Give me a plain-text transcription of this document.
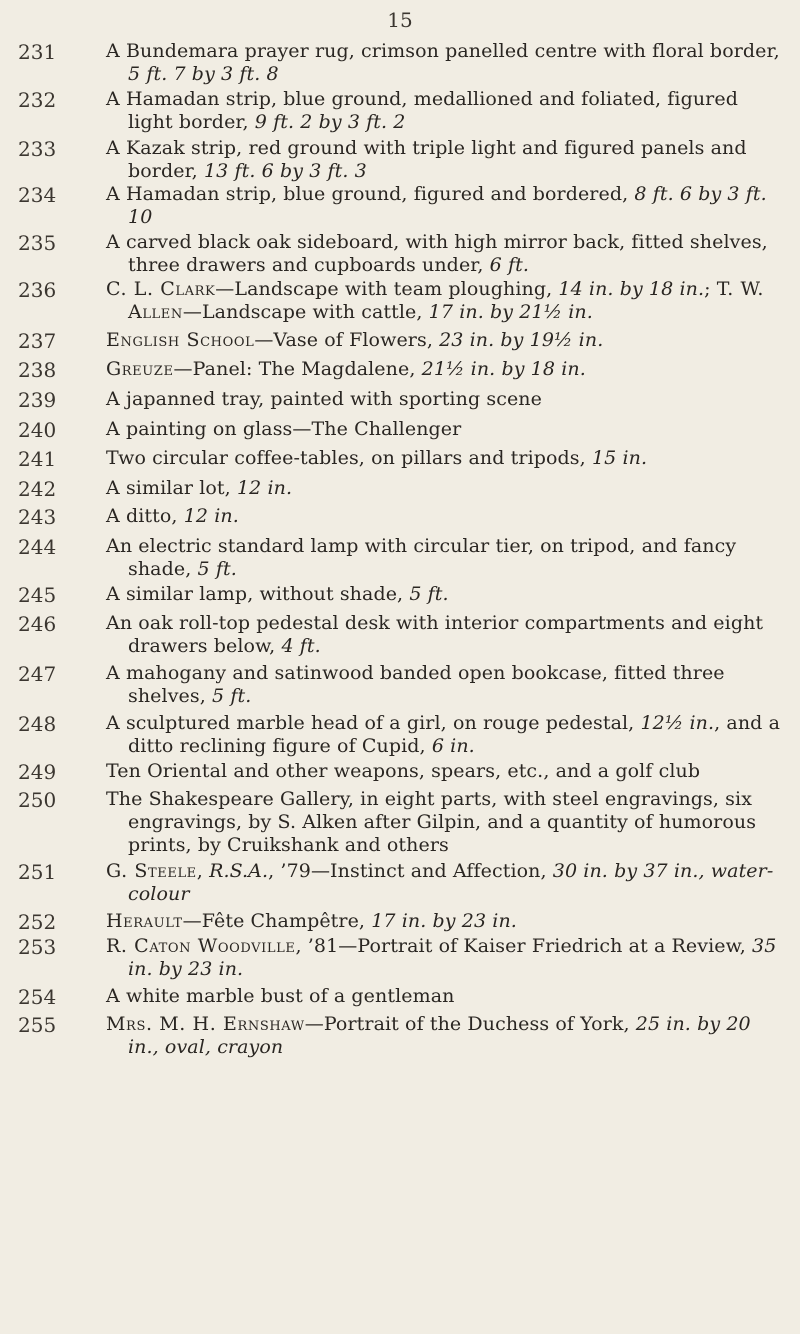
15
231	A Bundemara prayer rug, crimson panelled centre with floral border, 5 ft. 7 by 3 ft. 8
232	A Hamadan strip, blue ground, medallioned and foliated, figured light border, 9 ft. 2 by 3 ft. 2
233	A Kazak strip, red ground with triple light and figured panels and border, 13 ft. 6 by 3 ft. 3
234	A Hamadan strip, blue ground, figured and bordered, 8 ft. 6 by 3 ft. 10
235	A carved black oak sideboard, with high mirror back, fitted shelves, three drawers and cupboards under, 6 ft.
236	C. L. Clark—Landscape with team ploughing, 14 in. by 18 in.; T. W. Allen—Landscape with cattle, 17 in. by 21½ in.
237	English School—Vase of Flowers, 23 in. by 19½ in.
238	Greuze—Panel: The Magdalene, 21½ in. by 18 in.
239	A japanned tray, painted with sporting scene
240	A painting on glass—The Challenger
241	Two circular coffee-tables, on pillars and tripods, 15 in.
242	A similar lot, 12 in.
243	A ditto, 12 in.
244	An electric standard lamp with circular tier, on tripod, and fancy shade, 5 ft.
245	A similar lamp, without shade, 5 ft.
246	An oak roll-top pedestal desk with interior compartments and eight drawers below, 4 ft.
247	A mahogany and satinwood banded open bookcase, fitted three shelves, 5 ft.
248	A sculptured marble head of a girl, on rouge pedestal, 12½ in., and a ditto reclining figure of Cupid, 6 in.
249	Ten Oriental and other weapons, spears, etc., and a golf club
250	The Shakespeare Gallery, in eight parts, with steel engravings, six engravings, by S. Alken after Gilpin, and a quantity of humorous prints, by Cruikshank and others
251	G. Steele, R.S.A., ’79—Instinct and Affection, 30 in. by 37 in., water-colour
252	Herault—Fête Champêtre, 17 in. by 23 in.
253	R. Caton Woodville, ’81—Portrait of Kaiser Friedrich at a Review, 35 in. by 23 in.
254	A white marble bust of a gentleman
255	Mrs. M. H. Ernshaw—Portrait of the Duchess of York, 25 in. by 20 in., oval, crayon
